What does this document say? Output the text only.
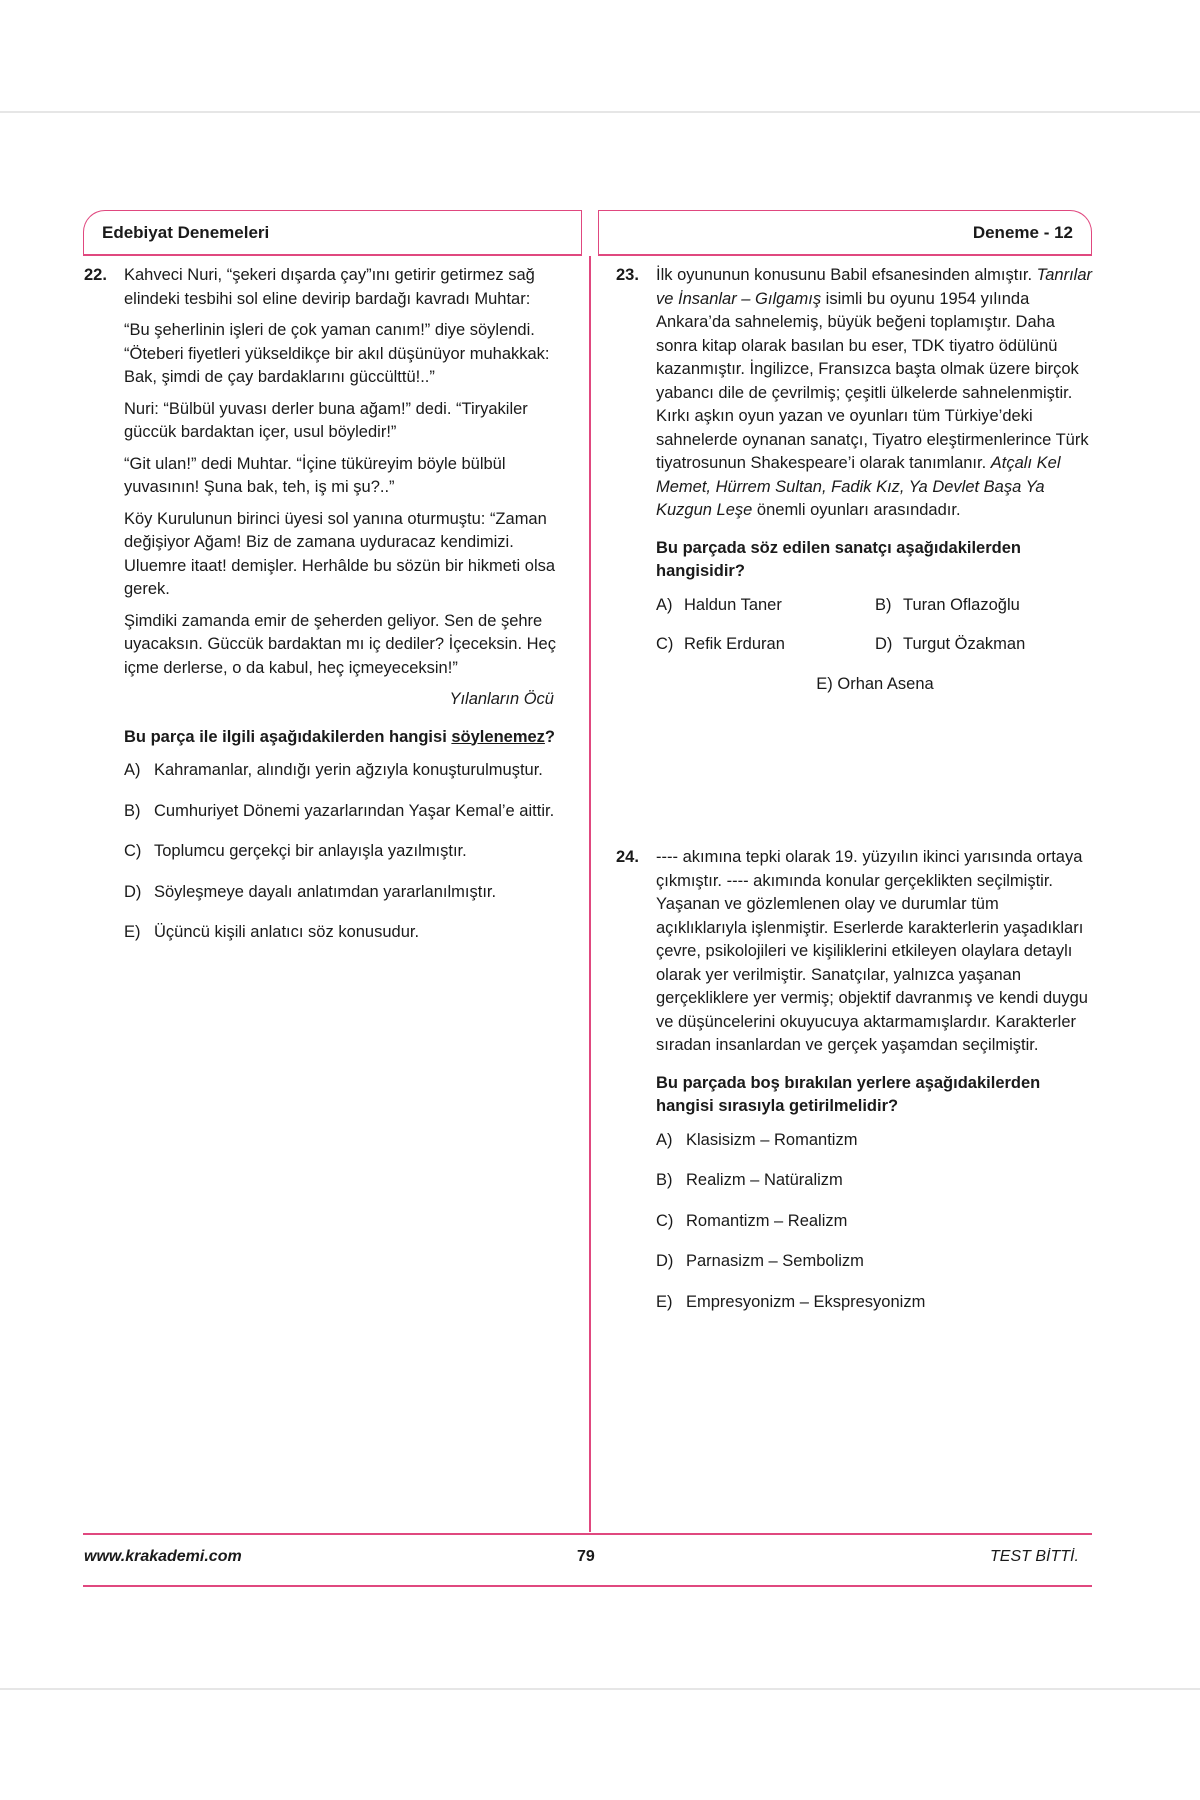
Edebiyat Denemeleri	Deneme - 12
22. Kahveci Nuri, “şekeri dışarda çay”ını getirir getirmez sağ elindeki tesbihi sol eline devirip bardağı kavradı Muhtar:

“Bu şeherlinin işleri de çok yaman canım!” diye söylendi. “Öteberi fiyetleri yükseldikçe bir akıl düşünüyor muhakkak: Bak, şimdi de çay bardaklarını güccülttü!..”

Nuri: “Bülbül yuvası derler buna ağam!” dedi. “Tiryakiler güccük bardaktan içer, usul böyledir!”

“Git ulan!” dedi Muhtar. “İçine tüküreyim böyle bülbül yuvasının! Şuna bak, teh, iş mi şu?..”

Köy Kurulunun birinci üyesi sol yanına oturmuştu: “Zaman değişiyor Ağam! Biz de zamana uyduracaz kendimizi. Uluemre itaat! demişler. Herhâlde bu sözün bir hikmeti olsa gerek.

Şimdiki zamanda emir de şeherden geliyor. Sen de şehre uyacaksın. Güccük bardaktan mı iç dediler? İçeceksin. Heç içme derlerse, o da kabul, heç içmeyeceksin!”

Yılanların Öcü
Bu parça ile ilgili aşağıdakilerden hangisi söylenemez?
A) Kahramanlar, alındığı yerin ağzıyla konuşturulmuştur.
B) Cumhuriyet Dönemi yazarlarından Yaşar Kemal’e aittir.
C) Toplumcu gerçekçi bir anlayışla yazılmıştır.
D) Söyleşmeye dayalı anlatımdan yararlanılmıştır.
E) Üçüncü kişili anlatıcı söz konusudur.
23. İlk oyununun konusunu Babil efsanesinden almıştır. Tanrılar ve İnsanlar – Gılgamış isimli bu oyunu 1954 yılında Ankara’da sahnelemiş, büyük beğeni toplamıştır. Daha sonra kitap olarak basılan bu eser, TDK tiyatro ödülünü kazanmıştır. İngilizce, Fransızca başta olmak üzere birçok yabancı dile de çevrilmiş; çeşitli ülkelerde sahnelenmiştir. Kırkı aşkın oyun yazan ve oyunları tüm Türkiye’deki sahnelerde oynanan sanatçı, Tiyatro eleştirmenlerince Türk tiyatrosunun Shakespeare’i olarak tanımlanır. Atçalı Kel Memet, Hürrem Sultan, Fadik Kız, Ya Devlet Başa Ya Kuzgun Leşe önemli oyunları arasındadır.

Bu parçada söz edilen sanatçı aşağıdakilerden hangisidir?
A) Haldun Taner	B) Turan Oflazoğlu
C) Refik Erduran	D) Turgut Özakman
E) Orhan Asena
24. ---- akımına tepki olarak 19. yüzyılın ikinci yarısında ortaya çıkmıştır. ---- akımında konular gerçeklikten seçilmiştir. Yaşanan ve gözlemlenen olay ve durumlar tüm açıklıklarıyla işlenmiştir. Eserlerde karakterlerin yaşadıkları çevre, psikolojileri ve kişiliklerini etkileyen olaylara detaylı olarak yer verilmiştir. Sanatçılar, yalnızca yaşanan gerçekliklere yer vermiş; objektif davranmış ve kendi duygu ve düşüncelerini okuyucuya aktarmamışlardır. Karakterler sıradan insanlardan ve gerçek yaşamdan seçilmiştir.

Bu parçada boş bırakılan yerlere aşağıdakilerden hangisi sırasıyla getirilmelidir?
A) Klasisizm – Romantizm
B) Realizm – Natüralizm
C) Romantizm – Realizm
D) Parnasizm – Sembolizm
E) Empresyonizm – Ekspresyonizm
www.krakademi.com	79	TEST BİTTİ.
